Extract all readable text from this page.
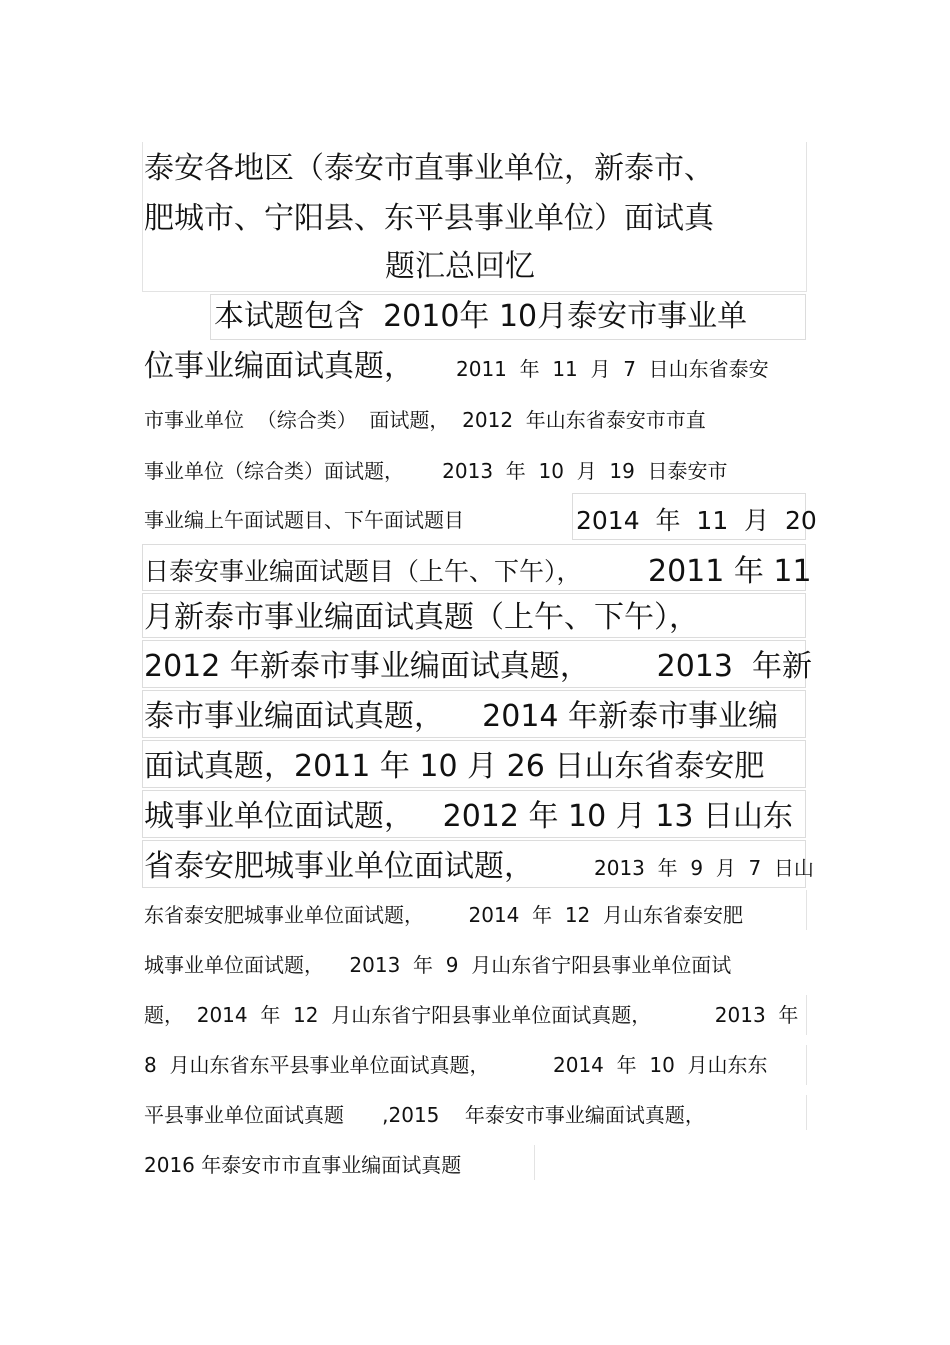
泰安各地区（泰安市直事业单位，新泰市、
肥城市、宁阳县、东平县事业单位）面试真
题汇总回忆
本试题包含  2010年 10月泰安市事业单
位事业编面试真题， 2011  年  11  月  7  日山东省泰安
市事业单位  （综合类）  面试题，  2012  年山东省泰安市市直
事业单位（综合类）面试题，      2013  年  10  月  19  日泰安市
事业编上午面试题目、下午面试题目	2014  年  11  月  20
日泰安事业编面试题目（上午、下午）， 2011 年 11
月新泰市事业编面试真题（上午、下午），
2012 年新泰市事业编面试真题，       2013  年新
泰市事业编面试真题，    2014 年新泰市事业编
面试真题，2011 年 10 月 26 日山东省泰安肥
城事业单位面试题，   2012 年 10 月 13 日山东
省泰安肥城事业单位面试题，	2013  年  9  月  7  日山
东省泰安肥城事业单位面试题，       2014  年  12  月山东省泰安肥
城事业单位面试题，    2013  年  9  月山东省宁阳县事业单位面试
题，  2014  年  12  月山东省宁阳县事业单位面试真题，          2013  年
8  月山东省东平县事业单位面试真题，          2014  年  10  月山东东
平县事业单位面试真题      ,2015    年泰安市事业编面试真题，
2016 年泰安市市直事业编面试真题
